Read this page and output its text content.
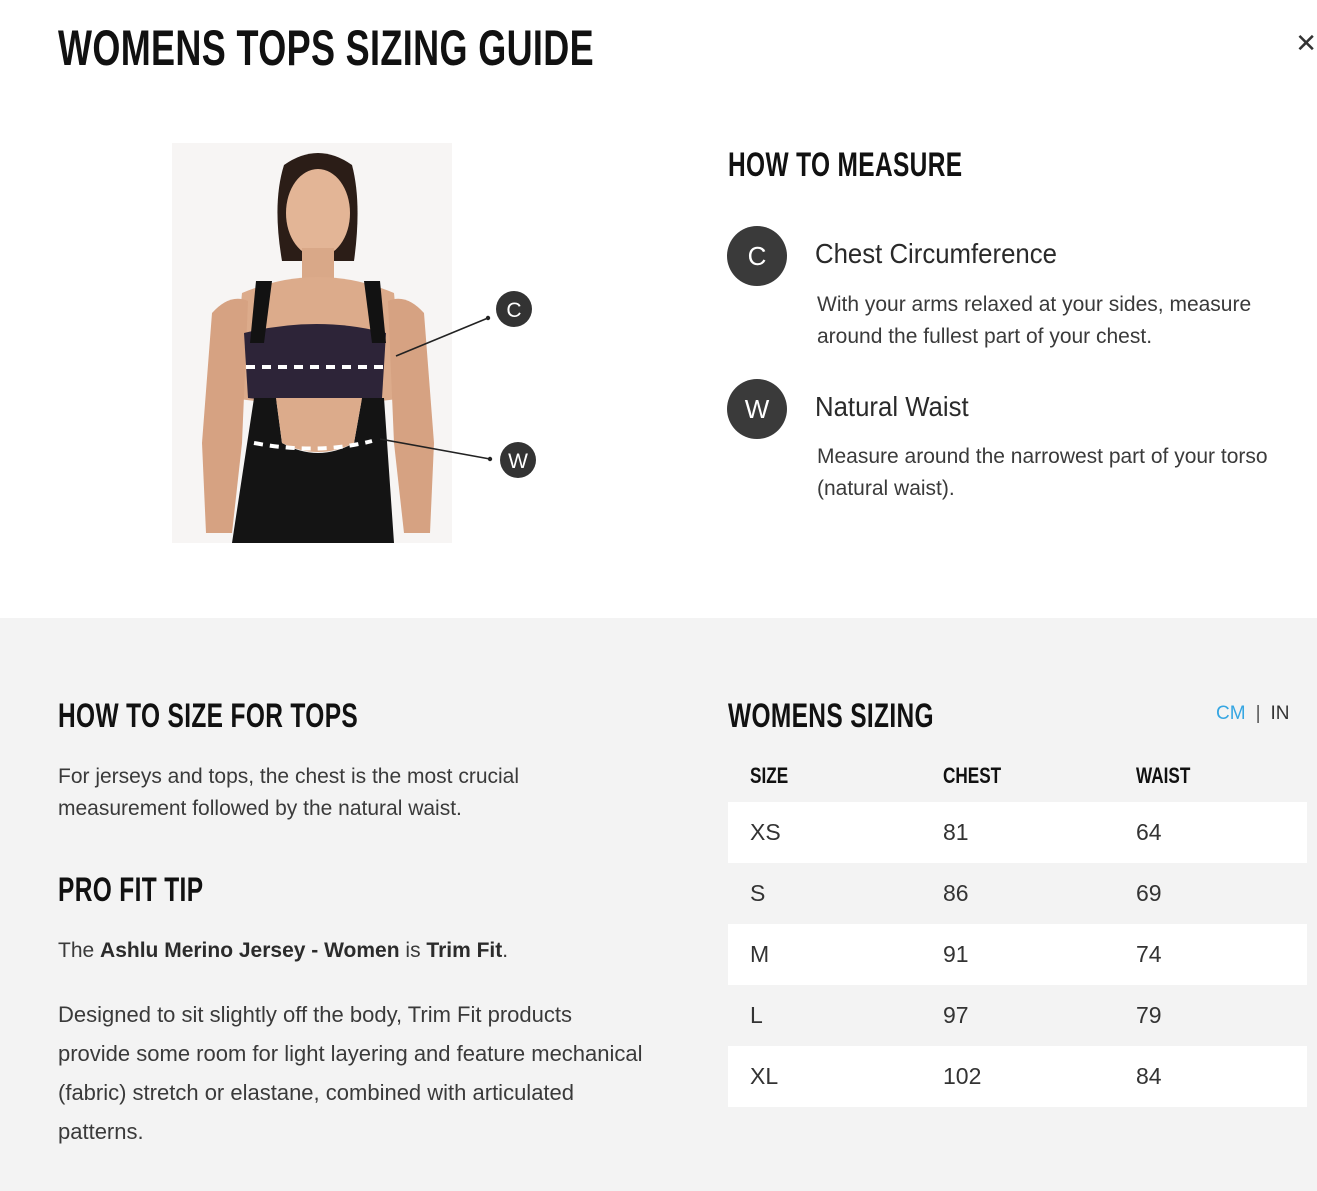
WOMENS TOPS SIZING GUIDE	✕
C
W
HOW TO MEASURE
C	Chest Circumference
With your arms relaxed at your sides, measure around the fullest part of your chest.
W	Natural Waist
Measure around the narrowest part of your torso (natural waist).
HOW TO SIZE FOR TOPS
For jerseys and tops, the chest is the most crucial measurement followed by the natural waist.
PRO FIT TIP
The Ashlu Merino Jersey - Women is Trim Fit.
Designed to sit slightly off the body, Trim Fit products provide some room for light layering and feature mechanical (fabric) stretch or elastane, combined with articulated patterns.
WOMENS SIZING	CM | IN
SIZE	CHEST	WAIST
XS	81	64
S	86	69
M	91	74
L	97	79
XL	102	84
